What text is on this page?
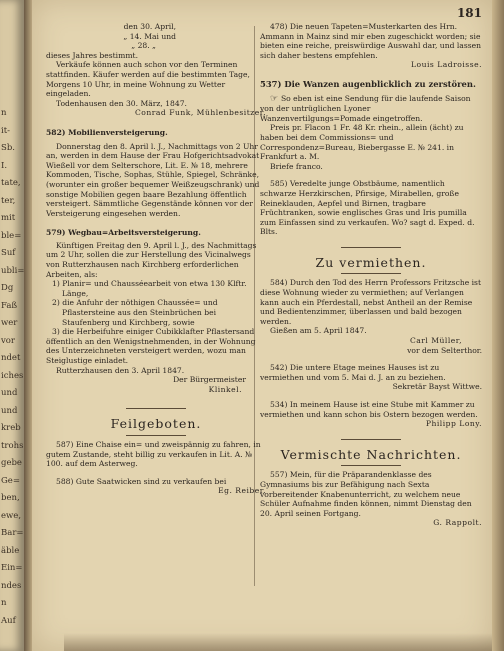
n
it-
Sb.
I.
tate,
ter,
mit
ble=
Suf
ubli=
Dg
Faß
wer
vor
ndet
iches
und
und
kreb
trohs
gebe
Ge=
ben,
ewe,
Bar=
äble
Ein=
ndes
n
Auf
181

den 30. April,

„ 14. Mai und

„ 28. „

dieses Jahres bestimmt.

Verkäufe können auch schon vor den Terminen stattfinden. Käufer werden auf die bestimmten Tage, Morgens 10 Uhr, in meine Wohnung zu Wetter eingeladen.

Todenhausen den 30. März, 1847.

Conrad Funk, Mühlenbesitzer.

582) Mobilienversteigerung.

Donnerstag den 8. April l. J., Nachmittags von 2 Uhr an, werden in dem Hause der Frau Hofgerichtsadvokat Wießell vor dem Selterschore, Lit. E. № 18, mehrere Kommoden, Tische, Sophas, Stühle, Spiegel, Schränke, (worunter ein großer bequemer Weißzeugschrank) und sonstige Mobilien gegen baare Bezahlung öffentlich versteigert. Sämmtliche Gegenstände können vor der Versteigerung eingesehen werden.

579) Wegbau=Arbeitsversteigerung.

Künftigen Freitag den 9. April l. J., des Nachmittags um 2 Uhr, sollen die zur Herstellung des Vicinalwegs von Rutterzhausen nach Kirchberg erforderlichen Arbeiten, als:

1) Planir= und Chausséearbeit von etwa 130 Klftr. Länge,

2) die Anfuhr der nöthigen Chaussée= und Pflastersteine aus den Steinbrüchen bei Staufenberg und Kirchberg, sowie

3) die Herbeifuhre einiger Cubikklafter Pflastersand

öffentlich an den Wenigstnehmenden, in der Wohnung des Unterzeichneten versteigert werden, wozu man Steiglustige einladet.

Rutterzhausen den 3. April 1847.

Der Bürgermeister

Klinkel.

Feilgeboten.

587) Eine Chaise ein= und zweispännig zu fahren, in gutem Zustande, steht billig zu verkaufen in Lit. A. № 100. auf dem Asterweg.

588) Gute Saatwicken sind zu verkaufen bei

Eg. Reiber.

478) Die neuen Tapeten=Musterkarten des Hrn. Ammann in Mainz sind mir eben zugeschickt worden; sie bieten eine reiche, preiswürdige Auswahl dar, und lassen sich daher bestens empfehlen.

Louis Ladroisse.

537) Die Wanzen augenblicklich zu zerstören.

☞ So eben ist eine Sendung für die laufende Saison von der untrüglichen Lyoner Wanzenvertilgungs=Pomade eingetroffen.

Preis pr. Flacon 1 Fr. 48 Kr. rhein., allein (ächt) zu haben bei dem Commissions= und Correspondenz=Bureau, Biebergasse E. № 241. in Frankfurt a. M.

Briefe franco.

585) Veredelte junge Obstbäume, namentlich schwarze Herzkirschen, Pfirsige, Mirabellen, große Reineklauden, Aepfel und Birnen, tragbare Früchtranken, sowie englisches Gras und Iris pumilla zum Einfassen sind zu verkaufen. Wo? sagt d. Exped. d. Blts.

Zu vermiethen.

584) Durch den Tod des Herrn Professors Fritzsche ist diese Wohnung wieder zu vermiethen; auf Verlangen kann auch ein Pferdestall, nebst Antheil an der Remise und Bedientenzimmer, überlassen und bald bezogen werden.

Gießen am 5. April 1847.

Carl Müller,

vor dem Selterthor.

542) Die untere Etage meines Hauses ist zu vermiethen und vom 5. Mai d. J. an zu beziehen.

Sekretär Bayst Wittwe.

534) In meinem Hause ist eine Stube mit Kammer zu vermiethen und kann schon bis Ostern bezogen werden.

Philipp Lony.

Vermischte Nachrichten.

557) Mein, für die Präparandenklasse des Gymnasiums bis zur Befähigung nach Sexta vorbereitender Knabenunterricht, zu welchem neue Schüler Aufnahme finden können, nimmt Dienstag den 20. April seinen Fortgang.

G. Rappolt.
